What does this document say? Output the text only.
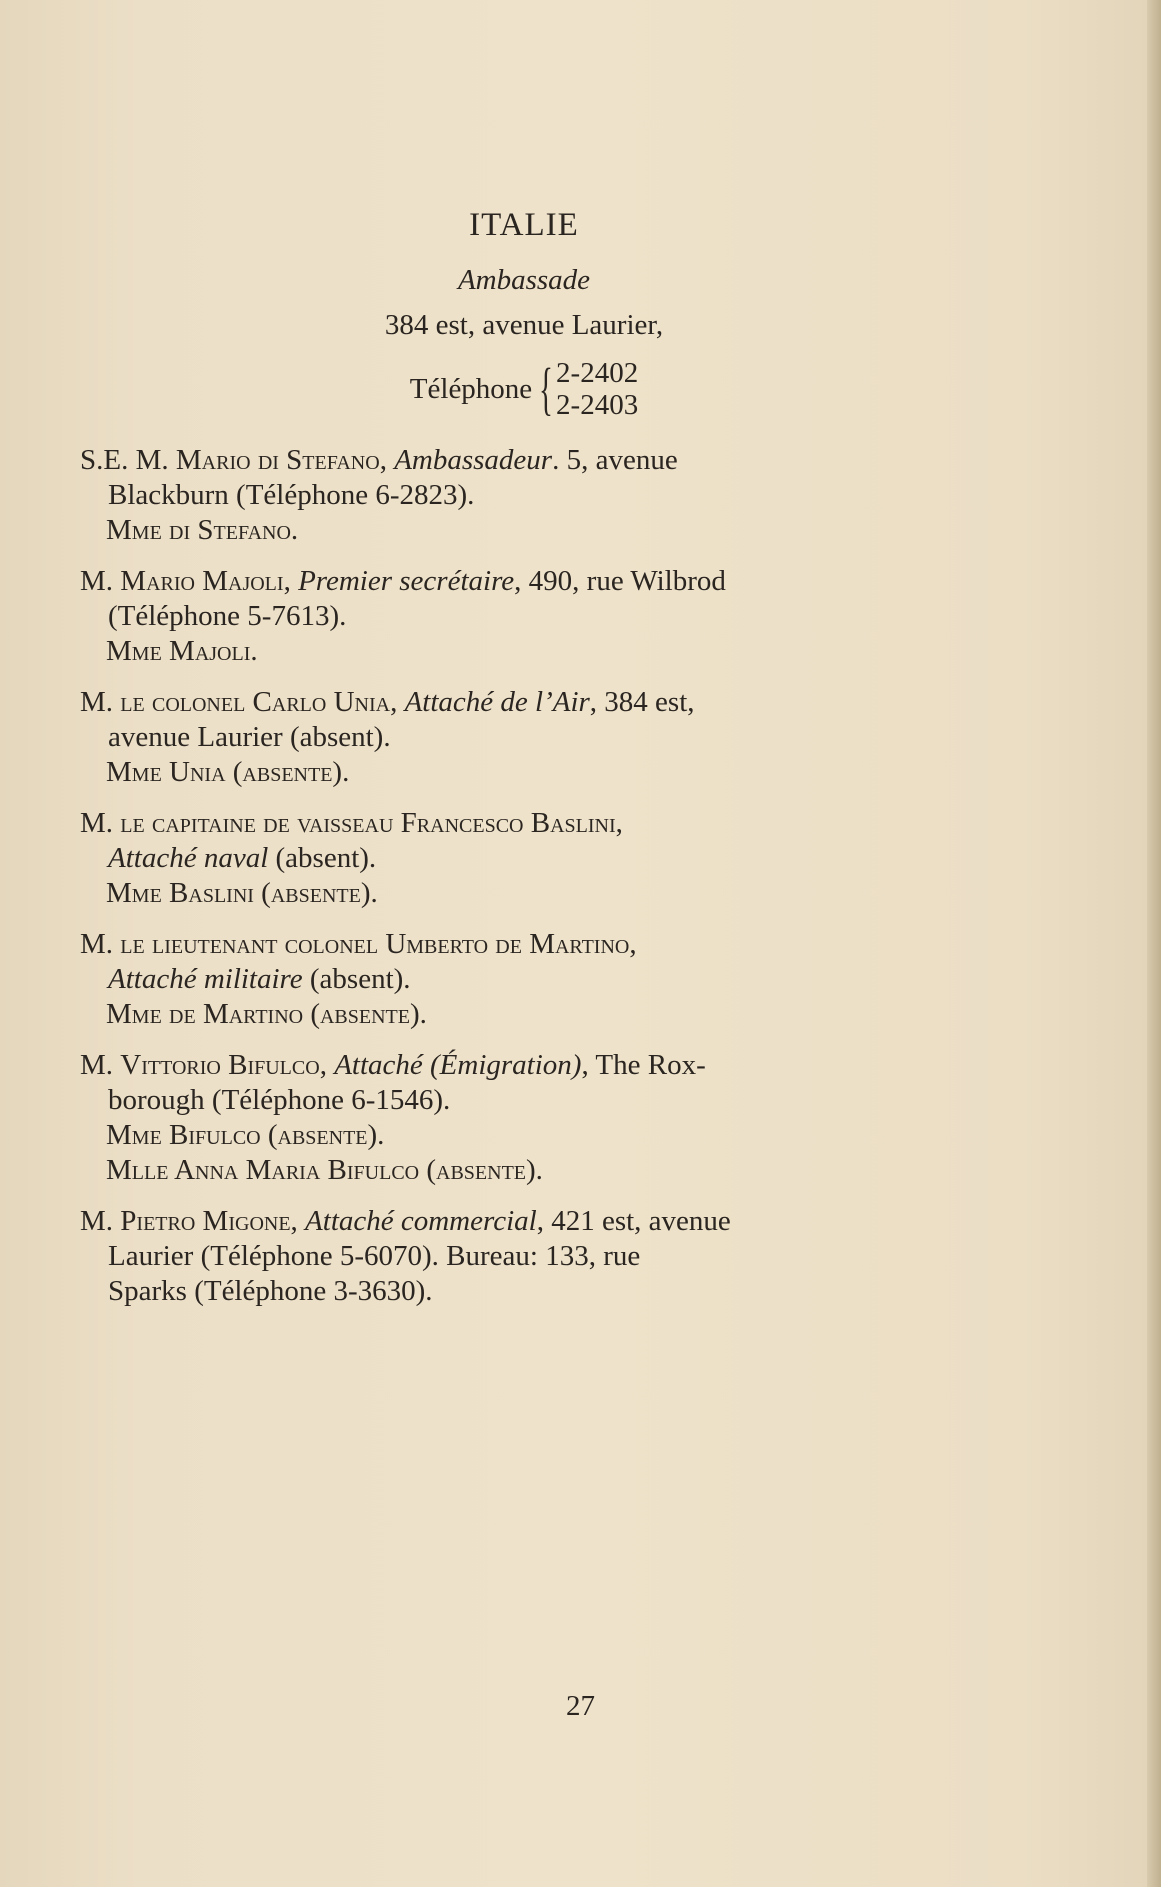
ITALIE
Ambassade
384 est, avenue Laurier,
Téléphone { 2-2402
2-2403
S.E. M. Mario di Stefano, Ambassadeur. 5, avenue
Blackburn (Téléphone 6-2823).
Mme di Stefano.
M. Mario Majoli, Premier secrétaire, 490, rue Wilbrod
(Téléphone 5-7613).
Mme Majoli.
M. le colonel Carlo Unia, Attaché de l’Air, 384 est,
avenue Laurier (absent).
Mme Unia (absente).
M. le capitaine de vaisseau Francesco Baslini,
Attaché naval (absent).
Mme Baslini (absente).
M. le lieutenant colonel Umberto de Martino,
Attaché militaire (absent).
Mme de Martino (absente).
M. Vittorio Bifulco, Attaché (Émigration), The Rox-
borough (Téléphone 6-1546).
Mme Bifulco (absente).
Mlle Anna Maria Bifulco (absente).
M. Pietro Migone, Attaché commercial, 421 est, avenue
Laurier (Téléphone 5-6070). Bureau: 133, rue
Sparks (Téléphone 3-3630).
27
